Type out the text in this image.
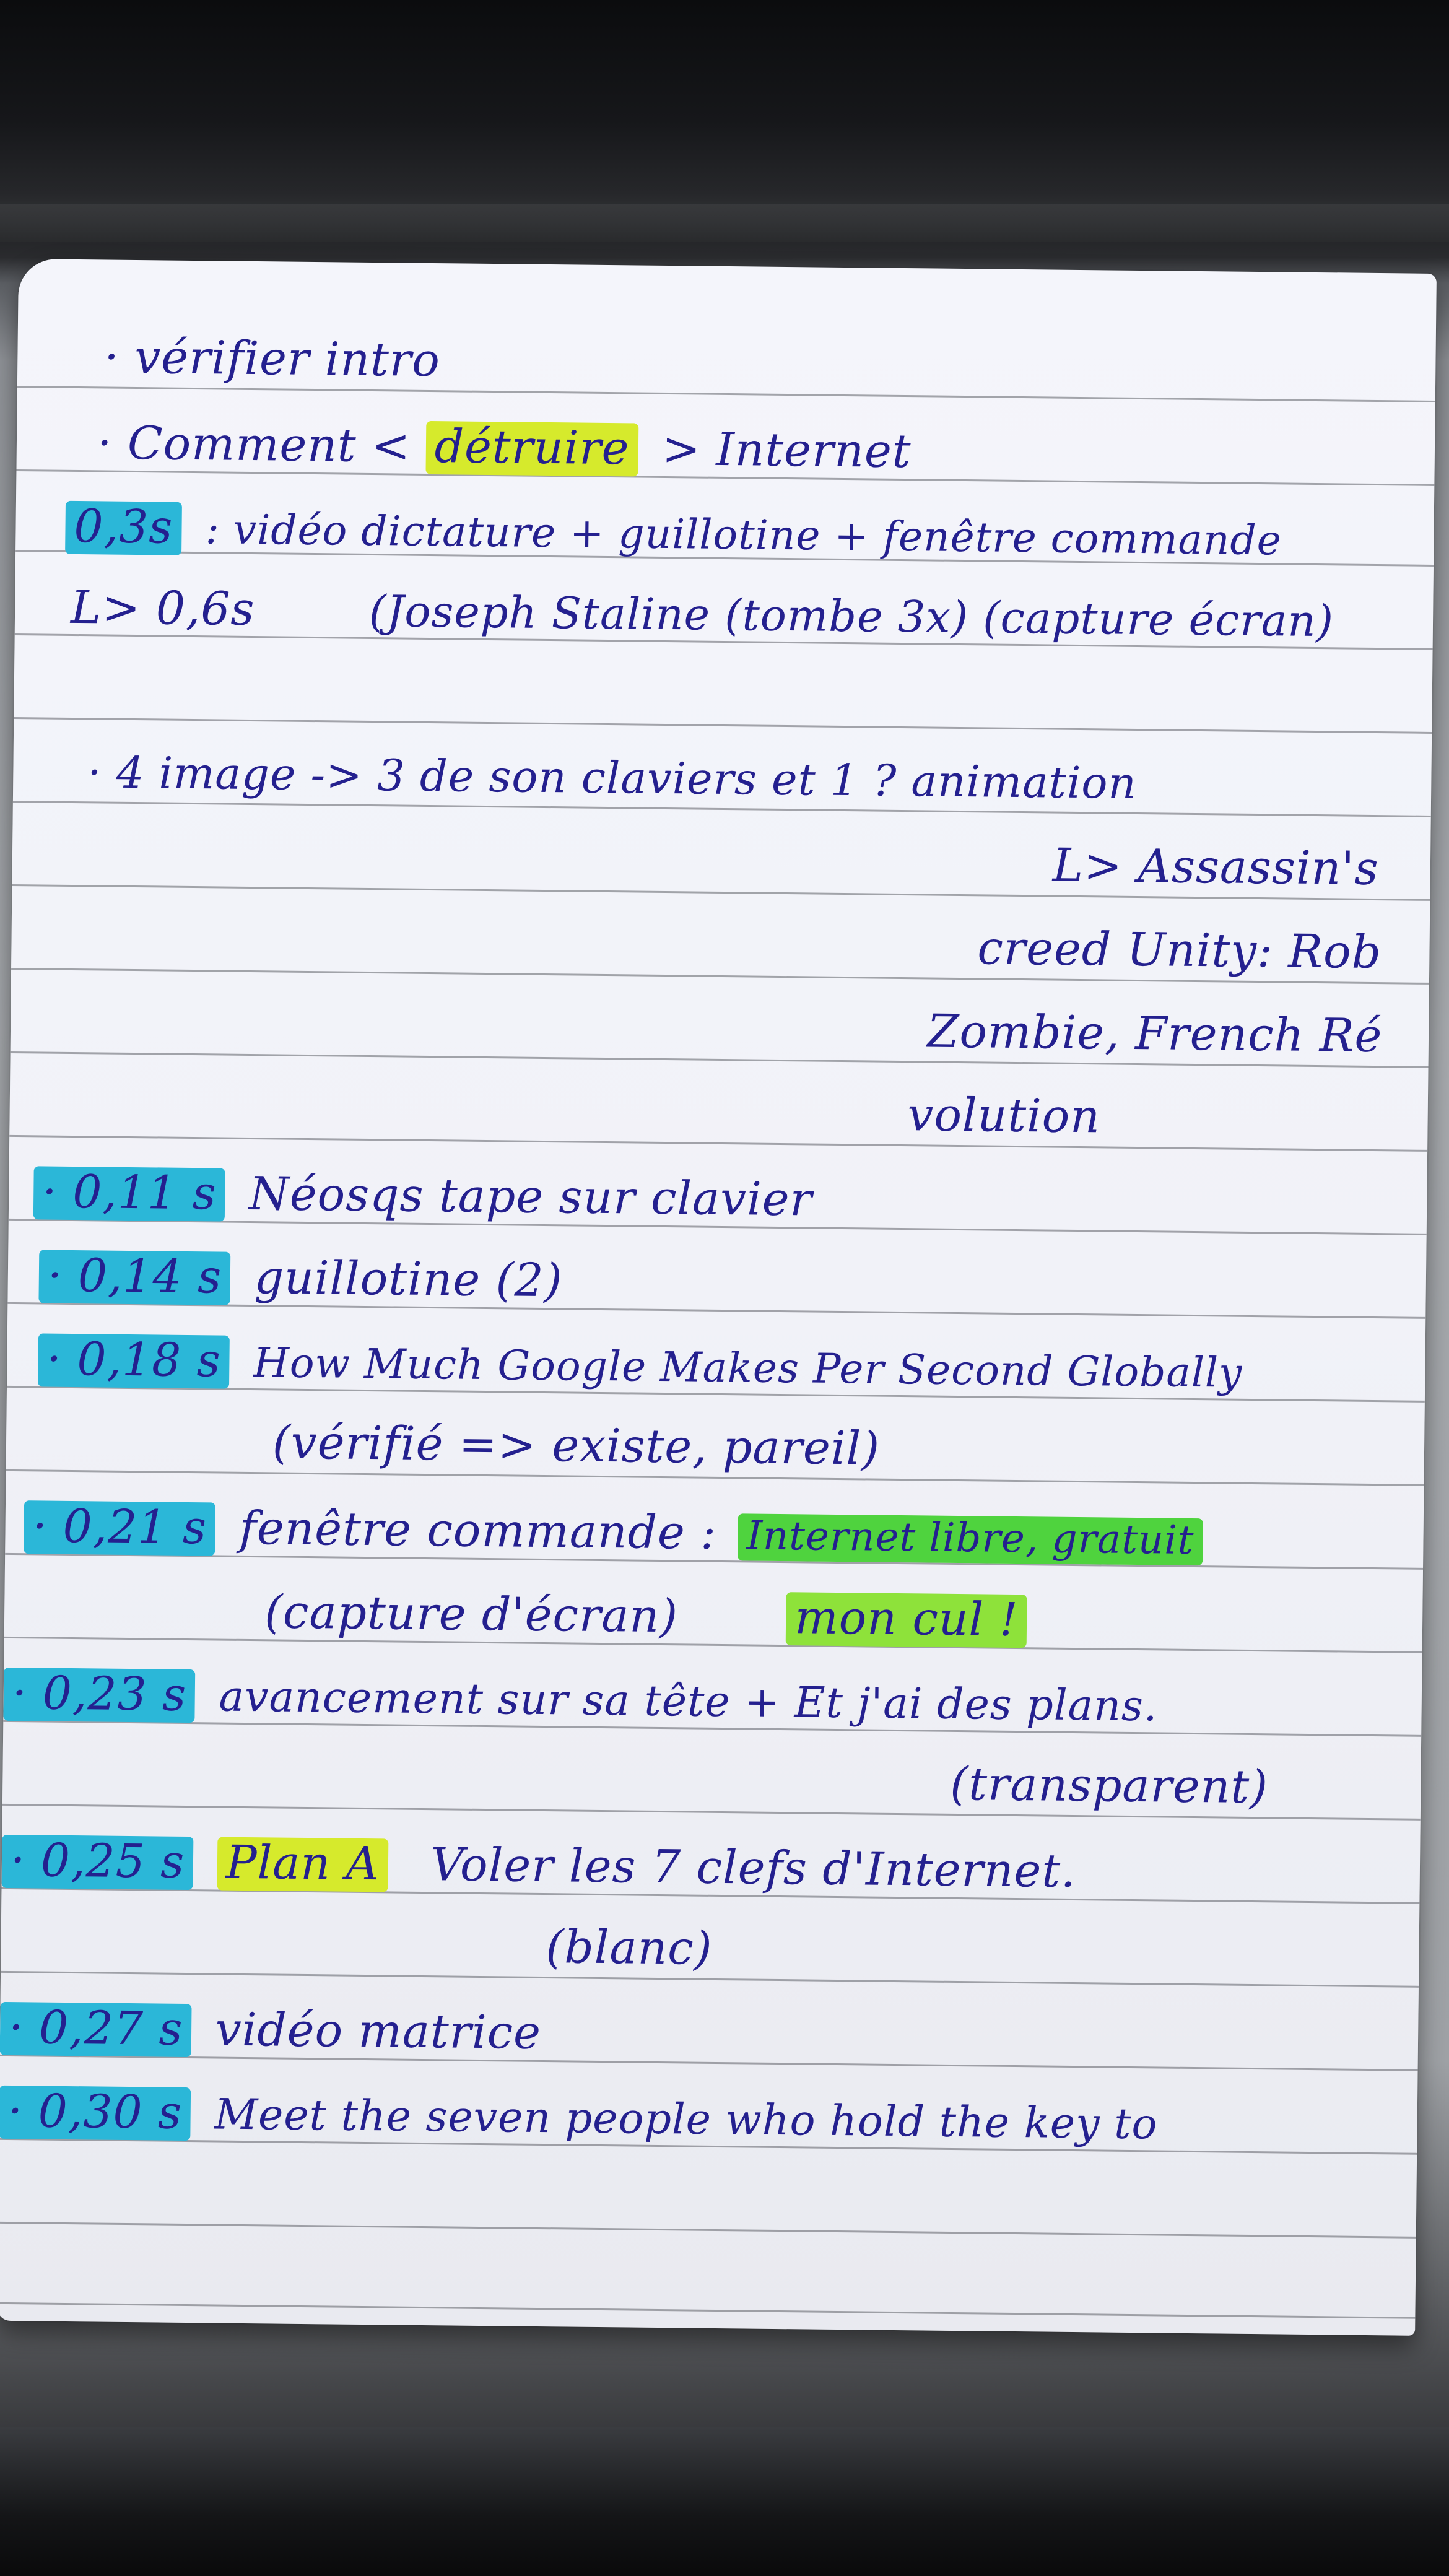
· vérifier intro
· Comment < détruire > Internet
0,3s : vidéo dictature + guillotine + fenêtre commande
L> 0,6s	(Joseph Staline (tombe 3x) (capture écran)
· 4 image -> 3 de son claviers et 1 ? animation
L> Assassin's
creed Unity: Rob
Zombie, French Ré
volution
· 0,11 s Néosqs tape sur clavier
· 0,14 s guillotine (2)
· 0,18 s How Much Google Makes Per Second Globally
(vérifié => existe, pareil)
· 0,21 s fenêtre commande : Internet libre, gratuit
(capture d'écran)	mon cul !
· 0,23 s avancement sur sa tête + Et j'ai des plans.
(transparent)
· 0,25 s Plan A Voler les 7 clefs d'Internet.
(blanc)
· 0,27 s vidéo matrice
· 0,30 s Meet the seven people who hold the key to
